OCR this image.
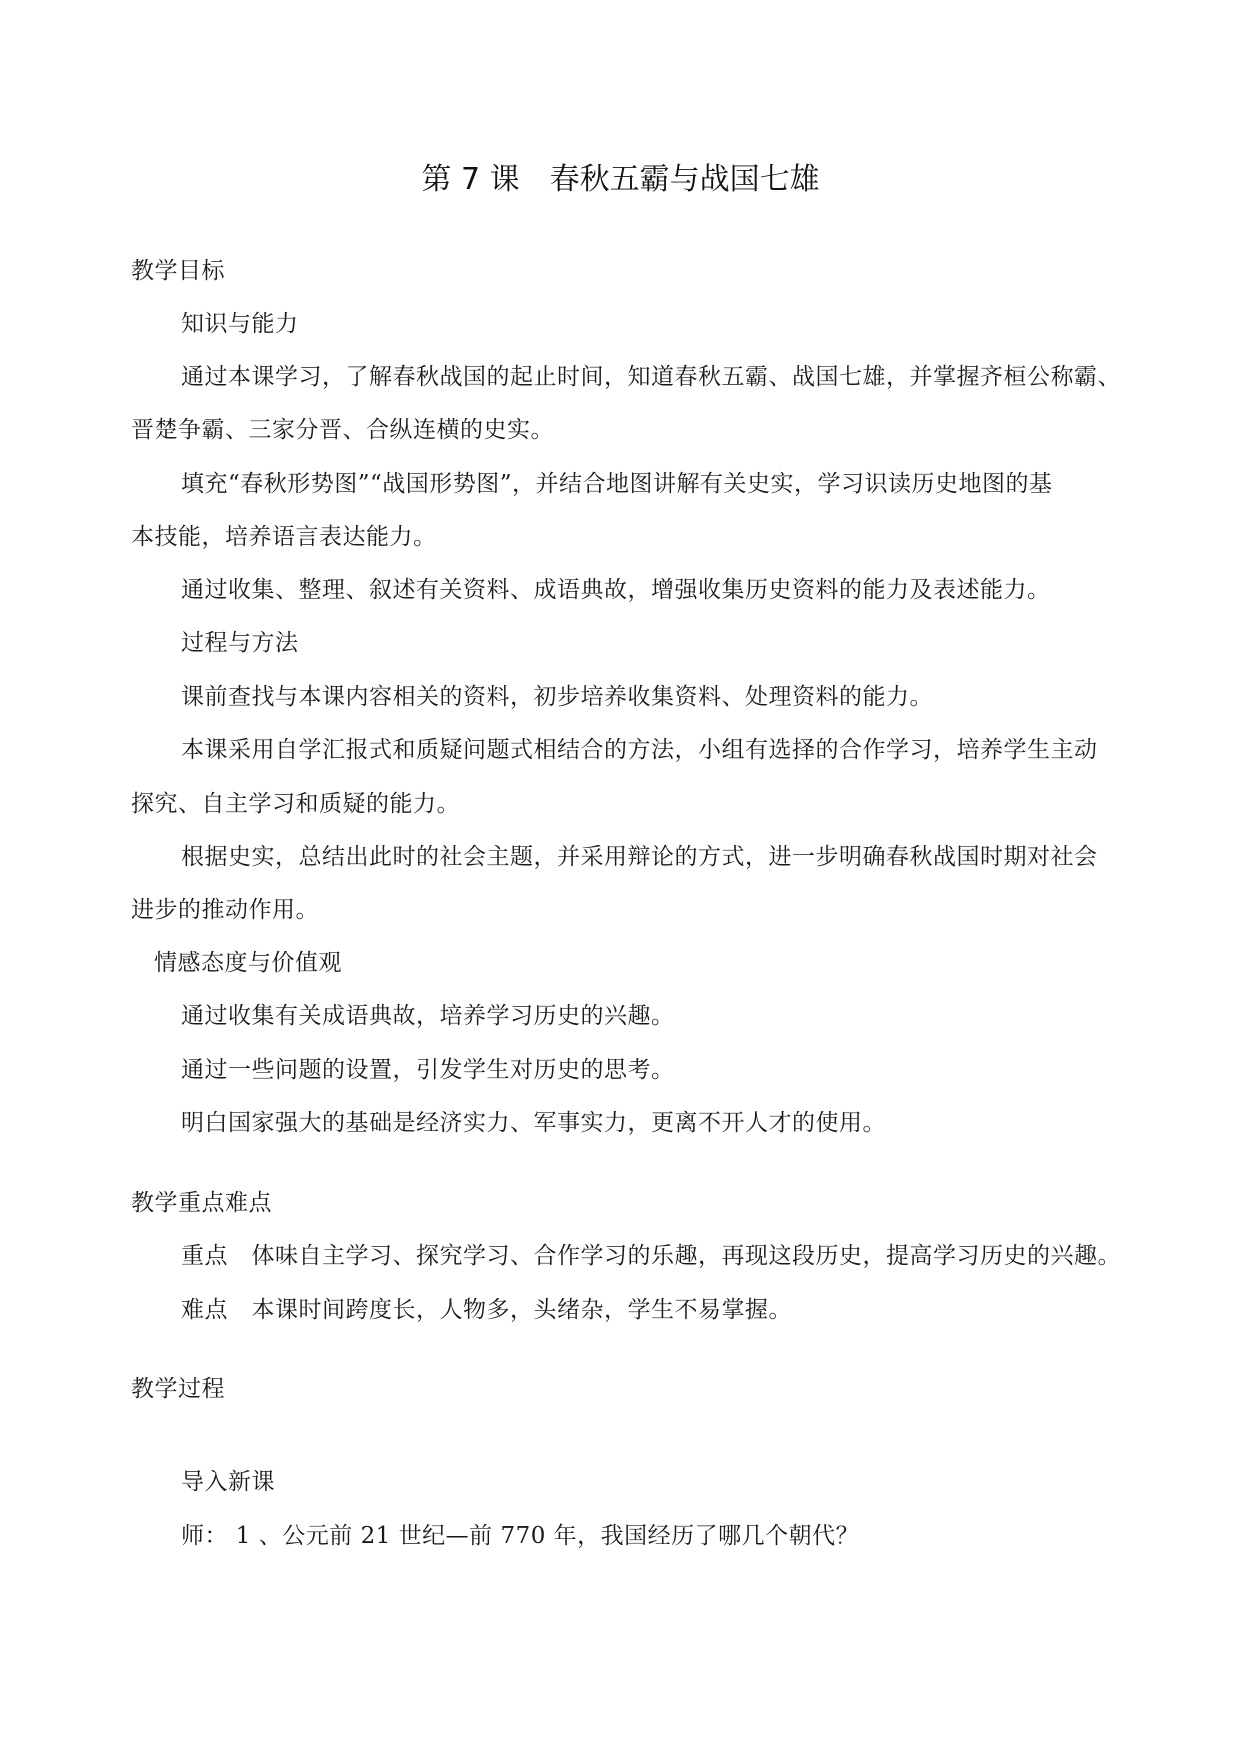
第 7 课　春秋五霸与战国七雄
教学目标
知识与能力
通过本课学习，了解春秋战国的起止时间，知道春秋五霸、战国七雄，并掌握齐桓公称霸、
晋楚争霸、三家分晋、合纵连横的史实。
填充“春秋形势图”“战国形势图”，并结合地图讲解有关史实，学习识读历史地图的基
本技能，培养语言表达能力。
通过收集、整理、叙述有关资料、成语典故，增强收集历史资料的能力及表述能力。
过程与方法
课前查找与本课内容相关的资料，初步培养收集资料、处理资料的能力。
本课采用自学汇报式和质疑问题式相结合的方法，小组有选择的合作学习，培养学生主动
探究、自主学习和质疑的能力。
根据史实，总结出此时的社会主题，并采用辩论的方式，进一步明确春秋战国时期对社会
进步的推动作用。
情感态度与价值观
通过收集有关成语典故，培养学习历史的兴趣。
通过一些问题的设置，引发学生对历史的思考。
明白国家强大的基础是经济实力、军事实力，更离不开人才的使用。
教学重点难点
重点　体味自主学习、探究学习、合作学习的乐趣，再现这段历史，提高学习历史的兴趣。
难点　本课时间跨度长，人物多，头绪杂，学生不易掌握。
教学过程
导入新课
师： 1 、公元前 21 世纪—前 770 年，我国经历了哪几个朝代？
